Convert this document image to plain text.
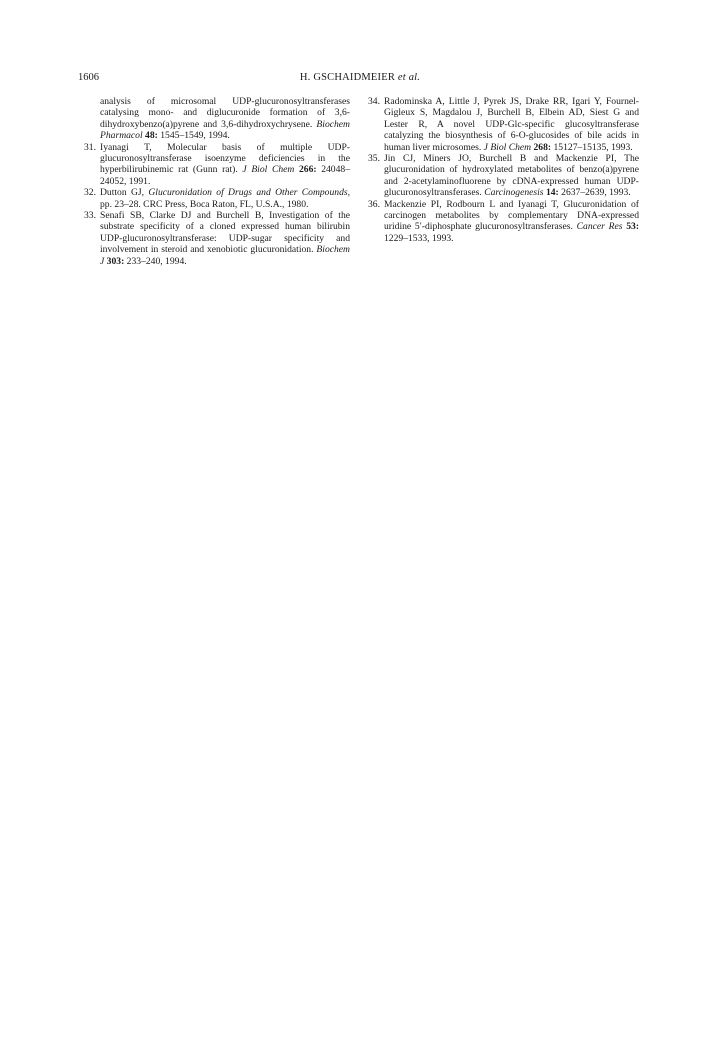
1606	H. GSCHAIDMEIER et al.

analysis of microsomal UDP-glucuronosyltransferases catalysing mono- and diglucuronide formation of 3,6-dihydroxybenzo(a)pyrene and 3,6-dihydroxychrysene. Biochem Pharmacol 48: 1545–1549, 1994.

31. Iyanagi T, Molecular basis of multiple UDP-glucuronosyltransferase isoenzyme deficiencies in the hyperbilirubinemic rat (Gunn rat). J Biol Chem 266: 24048–24052, 1991.

32. Dutton GJ, Glucuronidation of Drugs and Other Compounds, pp. 23–28. CRC Press, Boca Raton, FL, U.S.A., 1980.

33. Senafi SB, Clarke DJ and Burchell B, Investigation of the substrate specificity of a cloned expressed human bilirubin UDP-glucuronosyltransferase: UDP-sugar specificity and involvement in steroid and xenobiotic glucuronidation. Biochem J 303: 233–240, 1994.

34. Radominska A, Little J, Pyrek JS, Drake RR, Igari Y, Fournel-Gigleux S, Magdalou J, Burchell B, Elbein AD, Siest G and Lester R, A novel UDP-Glc-specific glucosyltransferase catalyzing the biosynthesis of 6-O-glucosides of bile acids in human liver microsomes. J Biol Chem 268: 15127–15135, 1993.

35. Jin CJ, Miners JO, Burchell B and Mackenzie PI, The glucuronidation of hydroxylated metabolites of benzo(a)pyrene and 2-acetylaminofluorene by cDNA-expressed human UDP-glucuronosyltransferases. Carcinogenesis 14: 2637–2639, 1993.

36. Mackenzie PI, Rodbourn L and Iyanagi T, Glucuronidation of carcinogen metabolites by complementary DNA-expressed uridine 5′-diphosphate glucuronosyltransferases. Cancer Res 53: 1229–1533, 1993.
